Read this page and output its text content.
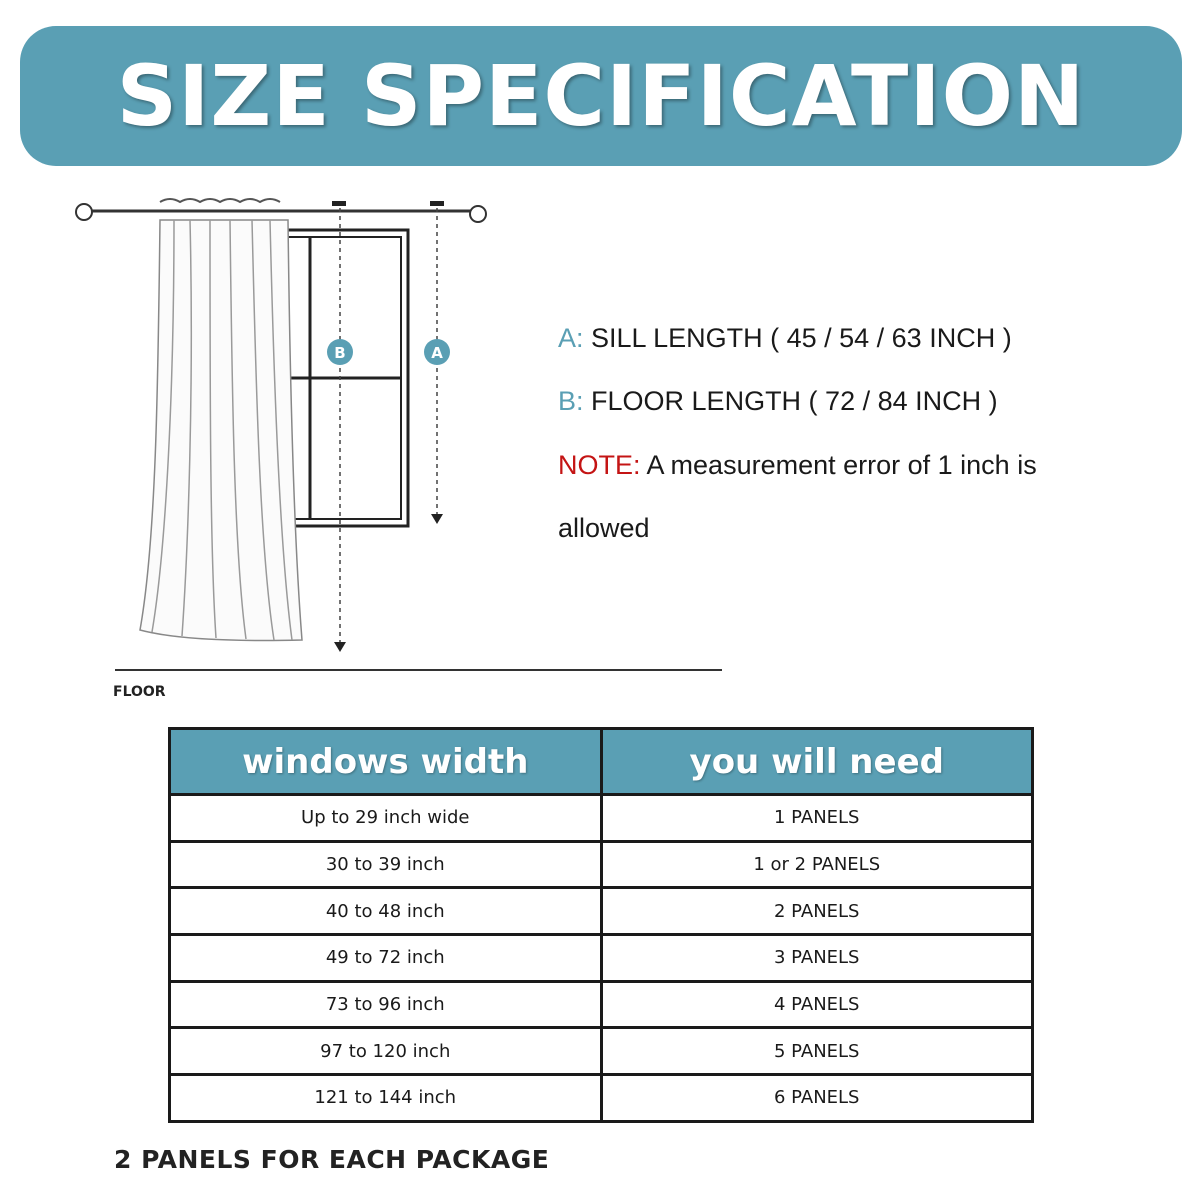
SIZE SPECIFICATION
B	A
FLOOR
A: SILL LENGTH ( 45 / 54 / 63 INCH )
B: FLOOR LENGTH ( 72 / 84 INCH )
NOTE: A measurement error of 1 inch is
allowed
windows width	you will need
Up to 29 inch wide	1 PANELS
30 to 39 inch	1 or 2 PANELS
40 to 48 inch	2 PANELS
49 to 72 inch	3 PANELS
73 to 96 inch	4 PANELS
97 to 120 inch	5 PANELS
121 to 144 inch	6 PANELS
2 PANELS FOR EACH PACKAGE
